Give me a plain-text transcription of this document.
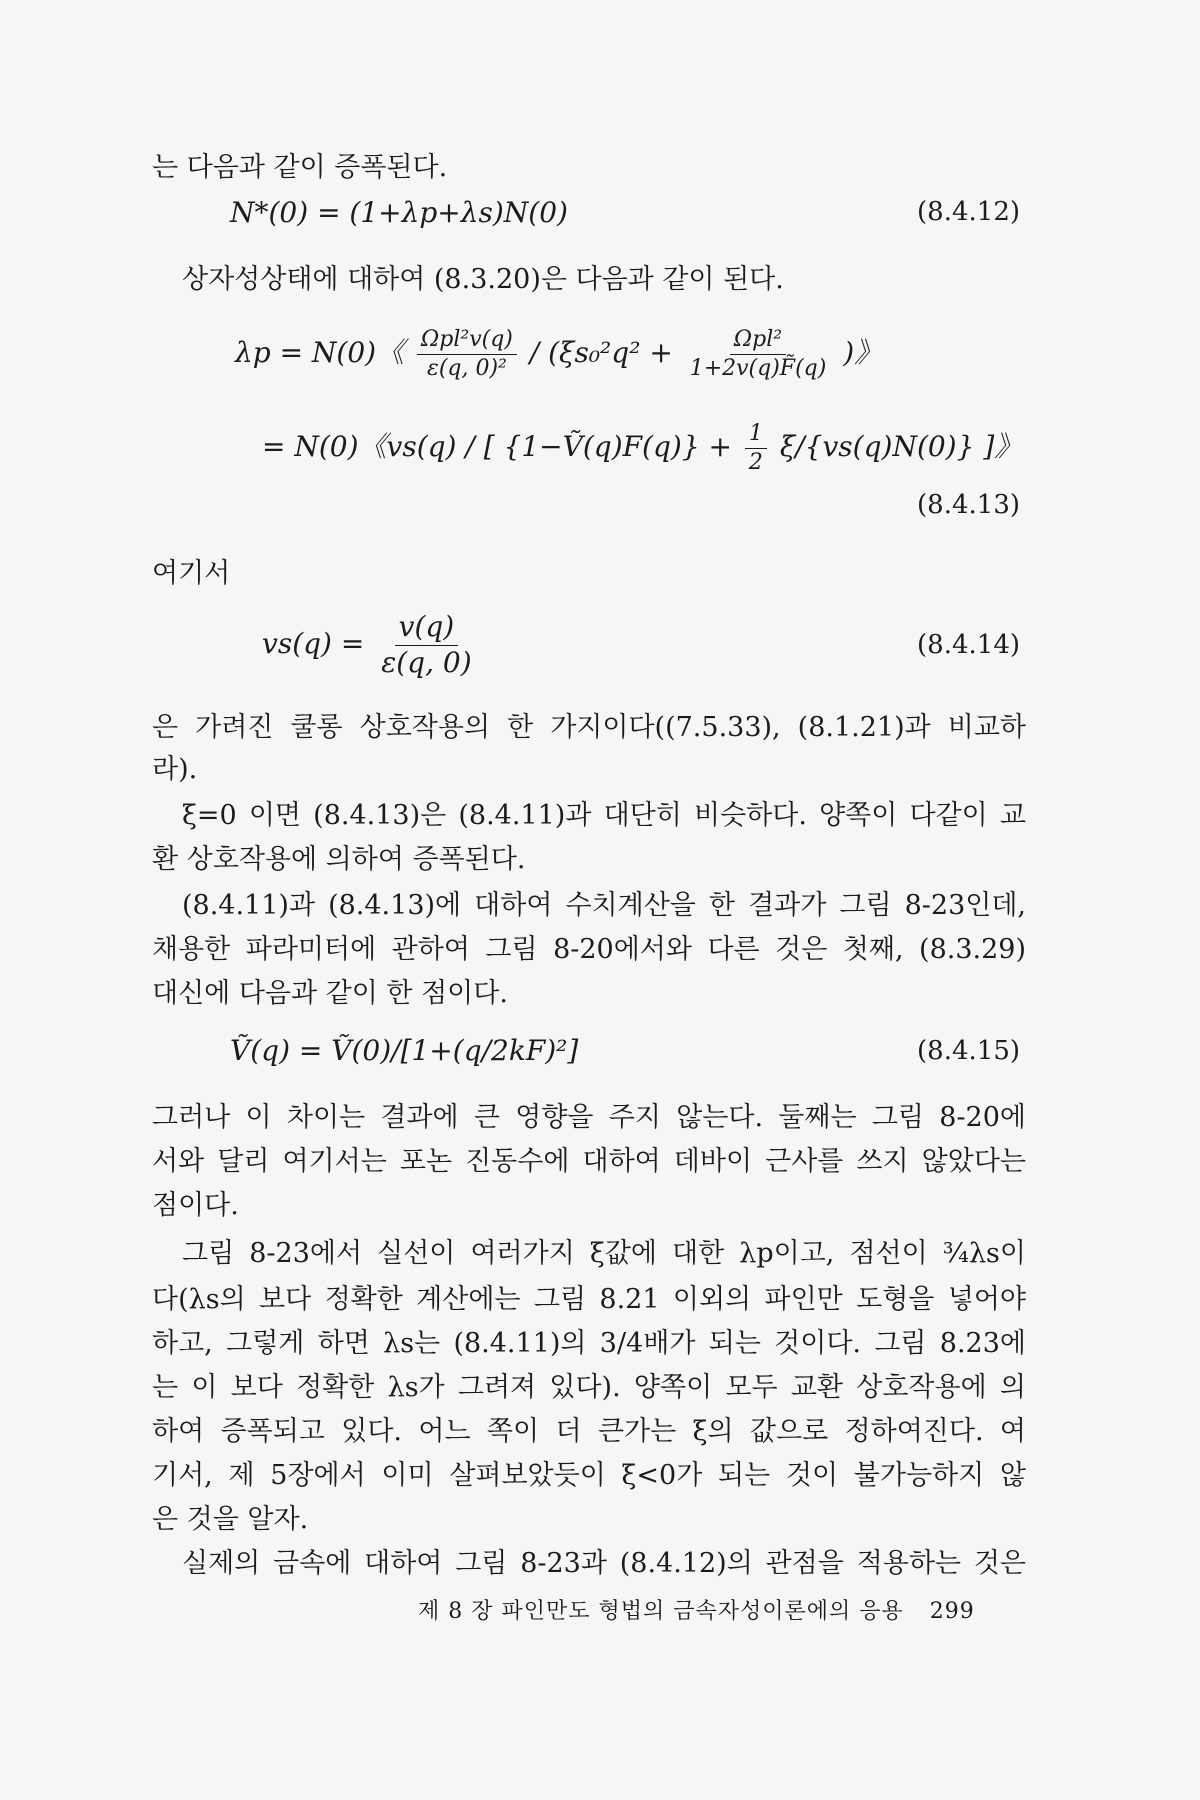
는 다음과 같이 증폭된다.
N*(0) = (1+λp+λs)N(0)	(8.4.12)
상자성상태에 대하여 (8.3.20)은 다음과 같이 된다.
λp = N(0)《 $\frac{\text{Ωpl²v(q)}}{\text{ε(q, 0)²}} / (\xi s_0^2q^2 + \frac{\text{Ωpl²}}{1+2v(q)F̃(q)}$ )》
= N(0)《vs(q) / [ {1−Ṽ(q)F(q)} + $\frac{1}{2} \xi/\{vs(q)N(0)\}$ ]》
(8.4.13)
여기서
$vs(q) = \frac{v(q)}{\varepsilon(q, 0)}$	(8.4.14)
은 가려진 쿨롱 상호작용의 한 가지이다((7.5.33), (8.1.21)과 비교하
라).
ξ=0 이면 (8.4.13)은 (8.4.11)과 대단히 비슷하다. 양쪽이 다같이 교
환 상호작용에 의하여 증폭된다.
(8.4.11)과 (8.4.13)에 대하여 수치계산을 한 결과가 그림 8-23인데,
채용한 파라미터에 관하여 그림 8-20에서와 다른 것은 첫째, (8.3.29)
대신에 다음과 같이 한 점이다.
Ṽ(q) = Ṽ(0)/[1+(q/2kF)²]	(8.4.15)
그러나 이 차이는 결과에 큰 영향을 주지 않는다. 둘째는 그림 8-20에
서와 달리 여기서는 포논 진동수에 대하여 데바이 근사를 쓰지 않았다는
점이다.
그림 8-23에서 실선이 여러가지 ξ값에 대한 λp이고, 점선이 ¾λs이
다(λs의 보다 정확한 계산에는 그림 8.21 이외의 파인만 도형을 넣어야
하고, 그렇게 하면 λs는 (8.4.11)의 3/4배가 되는 것이다. 그림 8.23에
는 이 보다 정확한 λs가 그려져 있다). 양쪽이 모두 교환 상호작용에 의
하여 증폭되고 있다. 어느 쪽이 더 큰가는 ξ의 값으로 정하여진다. 여
기서, 제 5장에서 이미 살펴보았듯이 ξ<0가 되는 것이 불가능하지 않
은 것을 알자.
실제의 금속에 대하여 그림 8-23과 (8.4.12)의 관점을 적용하는 것은
제 8 장 파인만도 형법의 금속자성이론에의 응용 299
